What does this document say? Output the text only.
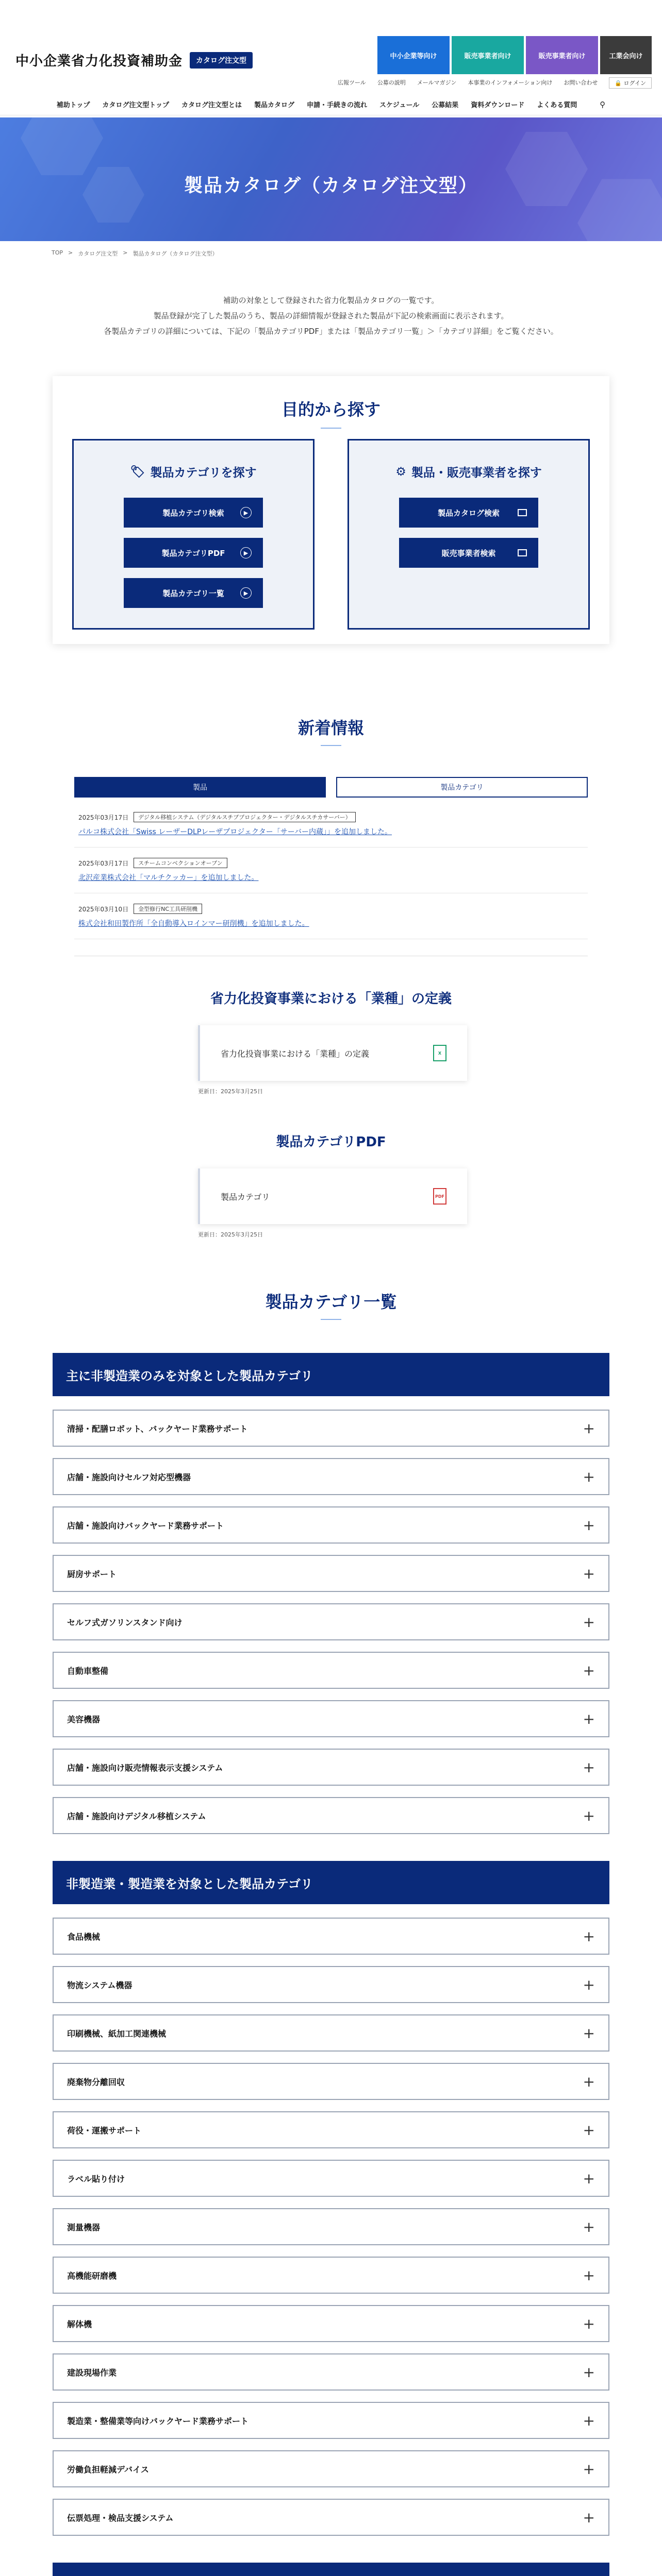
中小企業省力化投資補助金	カタログ注文型
中小企業等向け	販売事業者向け	販売事業者向け	工業会向け
広報ツール 公募の説明 メールマガジン 本事業のインフォメーション向け お問い合わせ	🔒 ログイン
補助トップ カタログ注文型トップ カタログ注文型とは 製品カタログ 申請・手続きの流れ スケジュール 公募結果 資料ダウンロード よくある質問	⚲
製品カタログ（カタログ注文型）
TOP > カタログ注文型 > 製品カタログ（カタログ注文型）

補助の対象として登録された省力化製品カタログの一覧です。

製品登録が完了した製品のうち、製品の詳細情報が登録された製品が下記の検索画面に表示されます。

各製品カテゴリの詳細については、下記の「製品カテゴリPDF」または「製品カテゴリ一覧」＞「カテゴリ詳細」をご覧ください。

目的から探す
🏷 製品カテゴリを探す
製品カテゴリ検索	▶
製品カテゴリPDF	▶
製品カテゴリ一覧	▶
⚙ 製品・販売事業者を探す
製品カタログ検索
販売事業者検索
新着情報
製品	製品カテゴリ
2025年03月17日	デジタル移植システム（デジタルスチブプロジェクター・デジタルスチカサーバー）
パルコ株式会社「Swiss レーザーDLPレーザプロジェクター「サーバー内蔵」」を追加しました。
2025年03月17日	スチームコンベクションオーブン
北沢産業株式会社「マルチクッカー」を追加しました。
2025年03月10日	金型修行NC工具研削機
株式会社和田製作所「全自動導入ロインマー研削機」を追加しました。
省力化投資事業における「業種」の定義
省力化投資事業における「業種」の定義	X
更新日：2025年3月25日
製品カテゴリPDF
製品カテゴリ	PDF
更新日：2025年3月25日
製品カテゴリ一覧
主に非製造業のみを対象とした製品カテゴリ
清掃・配膳ロボット、バックヤード業務サポート	+
店舗・施設向けセルフ対応型機器	+
店舗・施設向けバックヤード業務サポート	+
厨房サポート	+
セルフ式ガソリンスタンド向け	+
自動車整備	+
美容機器	+
店舗・施設向け販売情報表示支援システム	+
店舗・施設向けデジタル移植システム	+
非製造業・製造業を対象とした製品カテゴリ
食品機械	+
物流システム機器	+
印刷機械、紙加工関連機械	+
廃棄物分離回収	+
荷役・運搬サポート	+
ラベル貼り付け	+
測量機器	+
高機能研磨機	+
解体機	+
建設現場作業	+
製造業・整備業等向けバックヤード業務サポート	+
労働負担軽減デバイス	+
伝票処理・検品支援システム	+
